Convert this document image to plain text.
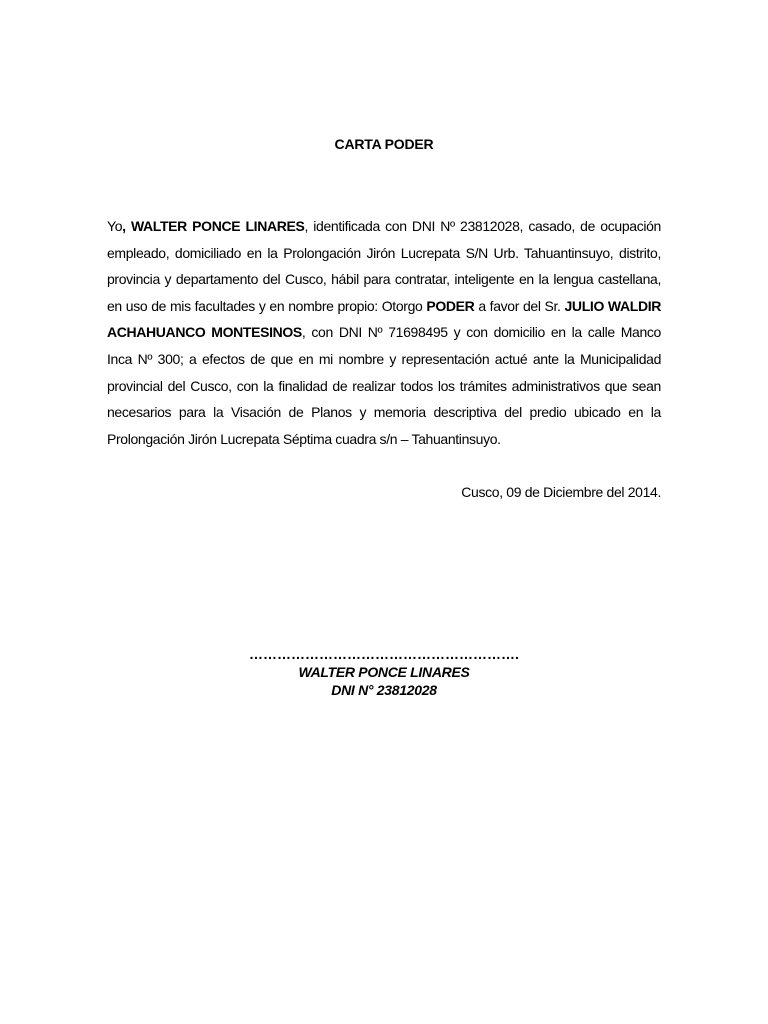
CARTA PODER

Yo, WALTER PONCE LINARES, identificada con DNI Nº 23812028, casado, de ocupación empleado, domiciliado en la Prolongación Jirón Lucrepata S/N Urb. Tahuantinsuyo, distrito, provincia y departamento del Cusco, hábil para contratar, inteligente en la lengua castellana, en uso de mis facultades y en nombre propio: Otorgo PODER a favor del Sr. JULIO WALDIR ACHAHUANCO MONTESINOS, con DNI Nº 71698495 y con domicilio en la calle Manco Inca Nº 300; a efectos de que en mi nombre y representación actué ante la Municipalidad provincial del Cusco, con la finalidad de realizar todos los trámites administrativos que sean necesarios para la Visación de Planos y memoria descriptiva del predio ubicado en la Prolongación Jirón Lucrepata Séptima cuadra s/n – Tahuantinsuyo.

Cusco, 09 de Diciembre del 2014.
………………………………………………….
WALTER PONCE LINARES
DNI N° 23812028
